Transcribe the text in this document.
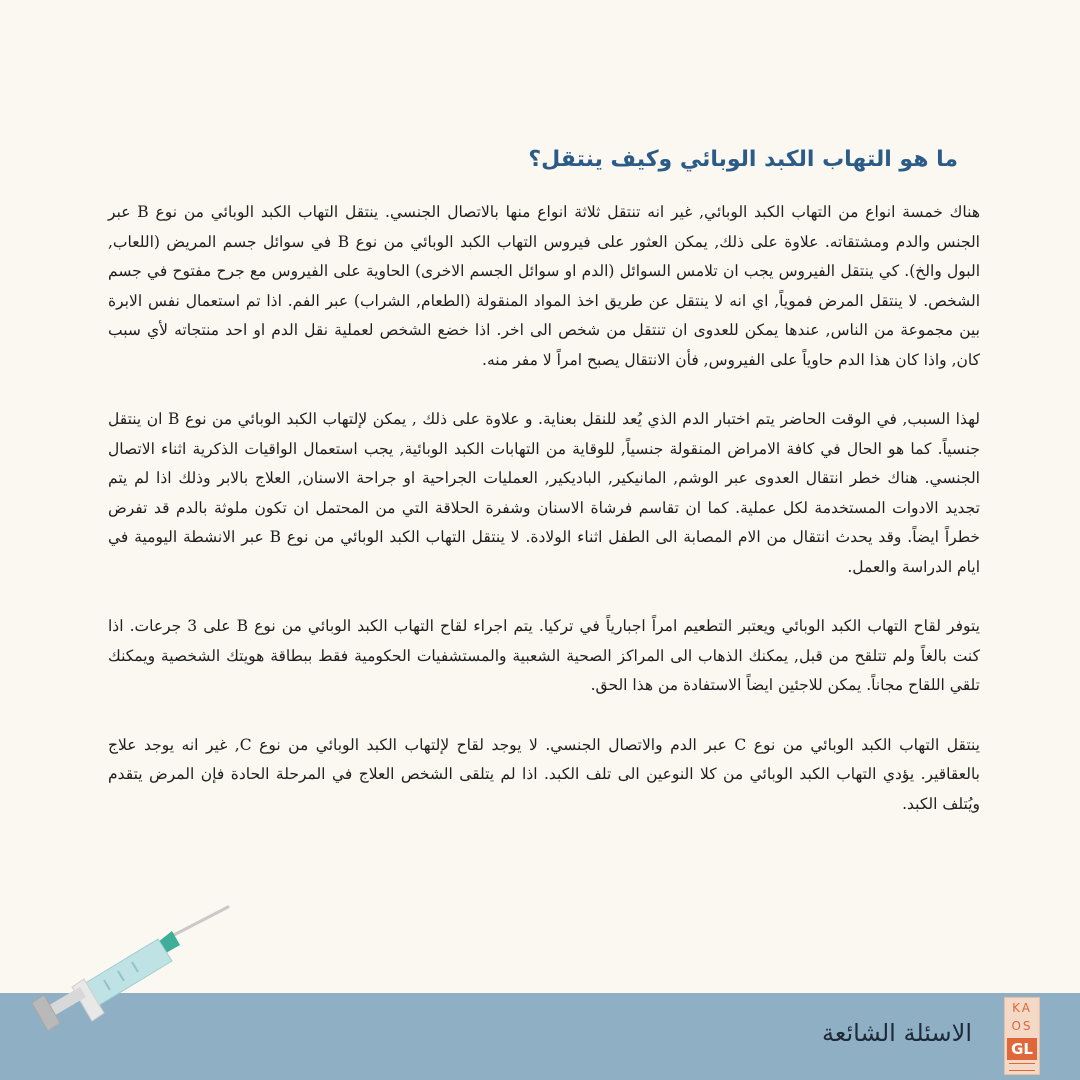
ما هو التهاب الكبد الوبائي وكيف ينتقل؟

هناك خمسة انواع من التهاب الكبد الوبائي, غير انه تنتقل ثلاثة انواع منها بالاتصال الجنسي. ينتقل التهاب الكبد الوبائي من نوع B عبر الجنس والدم ومشتقاته. علاوة على ذلك, يمكن العثور على فيروس التهاب الكبد الوبائي من نوع B في سوائل جسم المريض (اللعاب, البول والخ). كي ينتقل الفيروس يجب ان تلامس السوائل (الدم او سوائل الجسم الاخرى) الحاوية على الفيروس مع جرح مفتوح في جسم الشخص. لا ينتقل المرض فموياً, اي انه لا ينتقل عن طريق اخذ المواد المنقولة (الطعام, الشراب) عبر الفم. اذا تم استعمال نفس الابرة بين مجموعة من الناس, عندها يمكن للعدوى ان تنتقل من شخص الى اخر. اذا خضع الشخص لعملية نقل الدم او احد منتجاته لأي سبب كان, واذا كان هذا الدم حاوياً على الفيروس, فأن الانتقال يصبح امراً لا مفر منه.

لهذا السبب, في الوقت الحاضر يتم اختبار الدم الذي يُعد للنقل بعناية. و علاوة على ذلك , يمكن لإلتهاب الكبد الوبائي من نوع B ان ينتقل جنسياً. كما هو الحال في كافة الامراض المنقولة جنسياً, للوقاية من التهابات الكبد الوبائية, يجب استعمال الواقيات الذكرية اثناء الاتصال الجنسي. هناك خطر انتقال العدوى عبر الوشم, المانيكير, الباديكير, العمليات الجراحية او جراحة الاسنان, العلاج بالابر وذلك اذا لم يتم تجديد الادوات المستخدمة لكل عملية. كما ان تقاسم فرشاة الاسنان وشفرة الحلاقة التي من المحتمل ان تكون ملوثة بالدم قد تفرض خطراً ايضاً. وقد يحدث انتقال من الام المصابة الى الطفل اثناء الولادة. لا ينتقل التهاب الكبد الوبائي من نوع B عبر الانشطة اليومية في ايام الدراسة والعمل.

يتوفر لقاح التهاب الكبد الوبائي ويعتبر التطعيم امراً اجبارياً في تركيا. يتم اجراء لقاح التهاب الكبد الوبائي من نوع B على 3 جرعات. اذا كنت بالغاً ولم تتلقح من قبل, يمكنك الذهاب الى المراكز الصحية الشعبية والمستشفيات الحكومية فقط ببطاقة هويتك الشخصية ويمكنك تلقي اللقاح مجاناً. يمكن للاجئين ايضاً الاستفادة من هذا الحق.

ينتقل التهاب الكبد الوبائي من نوع C عبر الدم والاتصال الجنسي. لا يوجد لقاح لإلتهاب الكبد الوبائي من نوع C, غير انه يوجد علاج بالعقاقير. يؤدي التهاب الكبد الوبائي من كلا النوعين الى تلف الكبد. اذا لم يتلقى الشخص العلاج في المرحلة الحادة فإن المرض يتقدم ويُتلف الكبد.

الاسئلة الشائعة
KA
OS
GL
